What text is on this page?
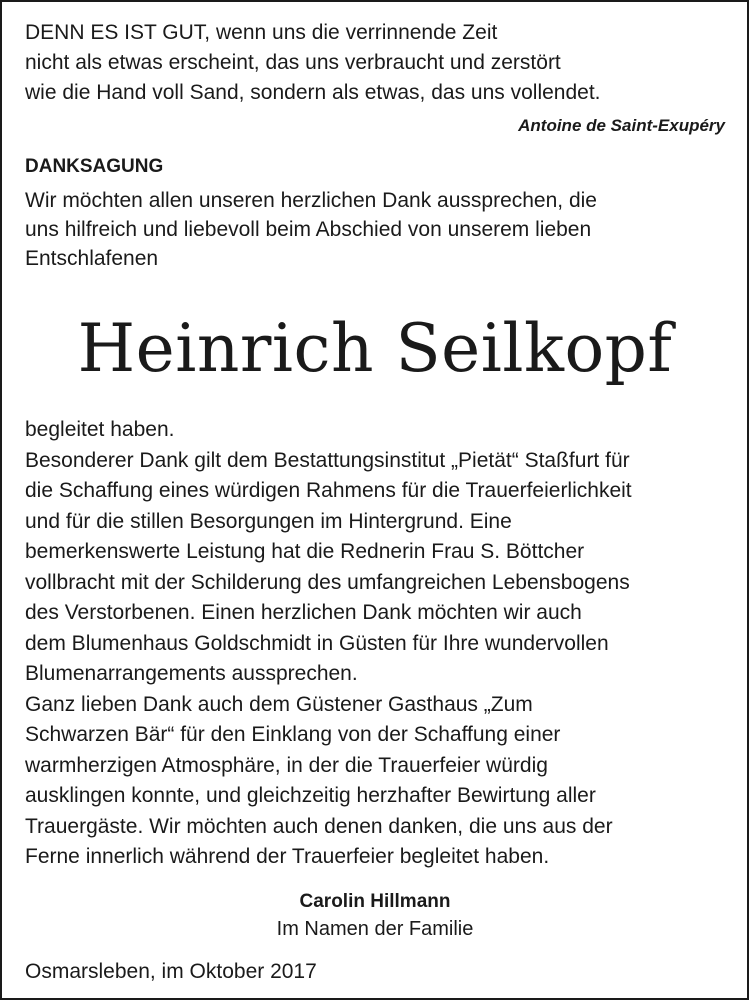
DENN ES IST GUT, wenn uns die verrinnende Zeit

nicht als etwas erscheint, das uns verbraucht und zerstört

wie die Hand voll Sand, sondern als etwas, das uns vollendet.

Antoine de Saint-Exupéry

DANKSAGUNG

Wir möchten allen unseren herzlichen Dank aussprechen, die

uns hilfreich und liebevoll beim Abschied von unserem lieben

Entschlafenen

Heinrich Seilkopf

begleitet haben.

Besonderer Dank gilt dem Bestattungsinstitut „Pietät“ Staßfurt für

die Schaffung eines würdigen Rahmens für die Trauerfeierlichkeit

und für die stillen Besorgungen im Hintergrund. Eine

bemerkenswerte Leistung hat die Rednerin Frau S. Böttcher

vollbracht mit der Schilderung des umfangreichen Lebensbogens

des Verstorbenen. Einen herzlichen Dank möchten wir auch

dem Blumenhaus Goldschmidt in Güsten für Ihre wundervollen

Blumenarrangements aussprechen.

Ganz lieben Dank auch dem Güstener Gasthaus „Zum

Schwarzen Bär“ für den Einklang von der Schaffung einer

warmherzigen Atmosphäre, in der die Trauerfeier würdig

ausklingen konnte, und gleichzeitig herzhafter Bewirtung aller

Trauergäste. Wir möchten auch denen danken, die uns aus der

Ferne innerlich während der Trauerfeier begleitet haben.

Carolin Hillmann

Im Namen der Familie

Osmarsleben, im Oktober 2017
